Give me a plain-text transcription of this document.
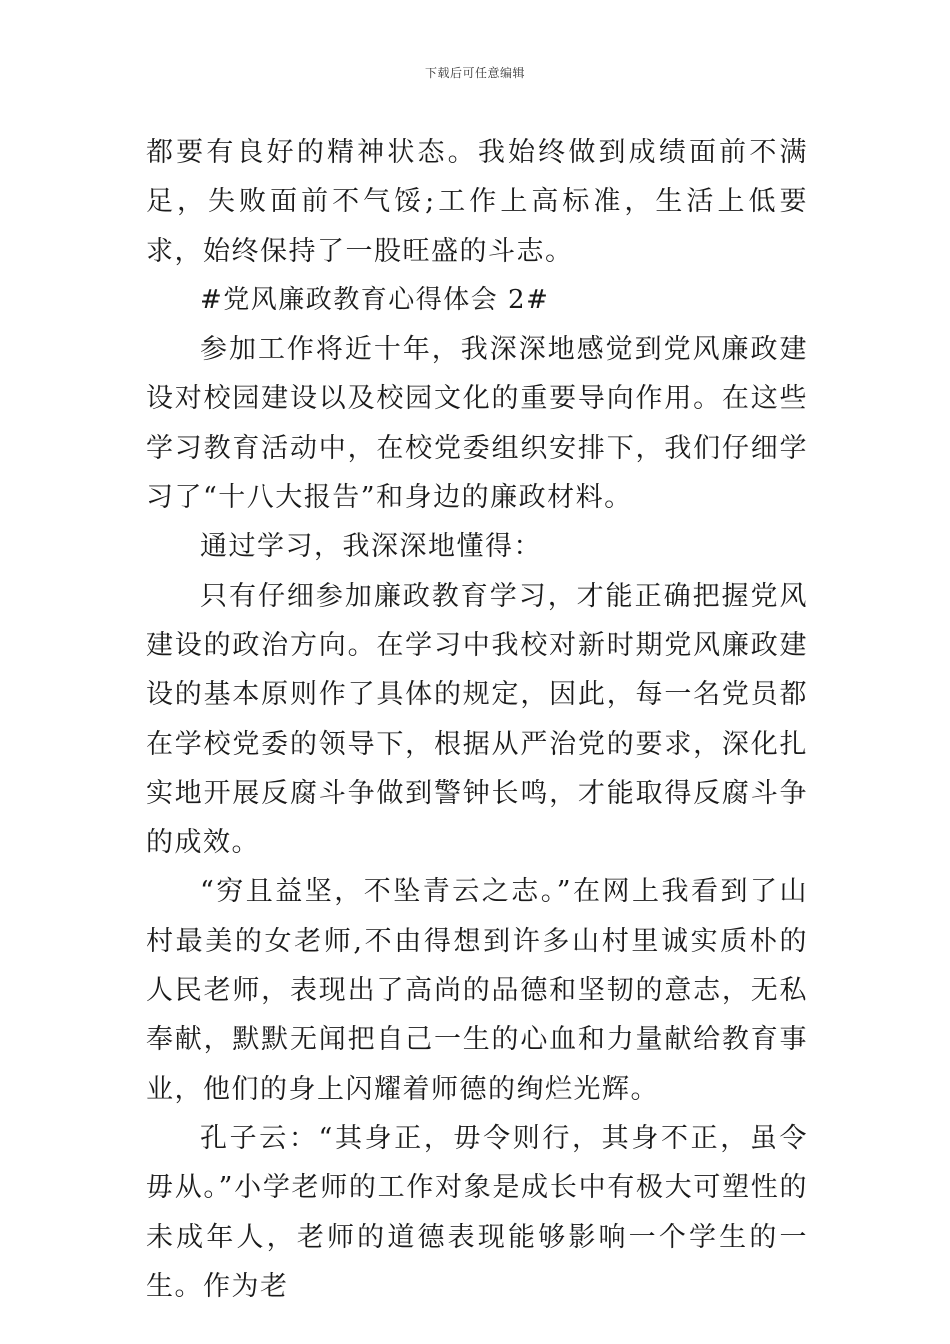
下载后可任意编辑

都要有良好的精神状态。我始终做到成绩面前不满足，失败面前不气馁;工作上高标准，生活上低要求，始终保持了一股旺盛的斗志。

#党风廉政教育心得体会 2#

参加工作将近十年，我深深地感觉到党风廉政建设对校园建设以及校园文化的重要导向作用。在这些学习教育活动中，在校党委组织安排下，我们仔细学习了“十八大报告”和身边的廉政材料。

通过学习，我深深地懂得：

只有仔细参加廉政教育学习，才能正确把握党风建设的政治方向。在学习中我校对新时期党风廉政建设的基本原则作了具体的规定，因此，每一名党员都在学校党委的领导下，根据从严治党的要求，深化扎实地开展反腐斗争做到警钟长鸣，才能取得反腐斗争的成效。

“穷且益坚，不坠青云之志。”在网上我看到了山村最美的女老师,不由得想到许多山村里诚实质朴的人民老师，表现出了高尚的品德和坚韧的意志，无私奉献，默默无闻把自己一生的心血和力量献给教育事业，他们的身上闪耀着师德的绚烂光辉。

孔子云：“其身正，毋令则行，其身不正，虽令毋从。”小学老师的工作对象是成长中有极大可塑性的未成年人，老师的道德表现能够影响一个学生的一生。作为老
